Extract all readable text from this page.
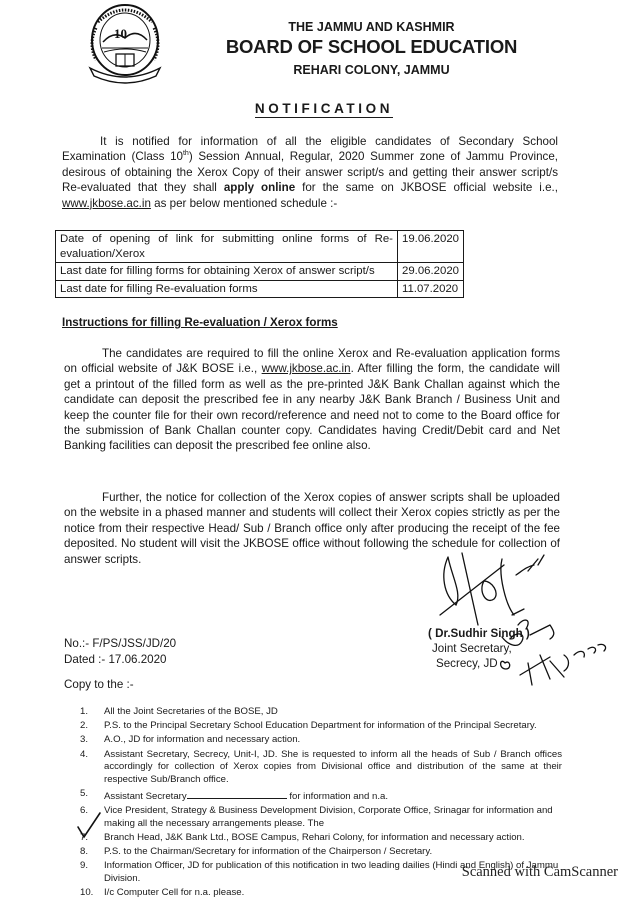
10	THE JAMMU AND KASHMIR
BOARD OF SCHOOL EDUCATION
REHARI COLONY, JAMMU
NOTIFICATION
It is notified for information of all the eligible candidates of Secondary School Examination (Class 10th) Session Annual, Regular, 2020 Summer zone of Jammu Province, desirous of obtaining the Xerox Copy of their answer script/s and getting their answer script/s Re-evaluated that they shall apply online for the same on JKBOSE official website i.e., www.jkbose.ac.in as per below mentioned schedule :-
Date of opening of link for submitting online forms of Re-evaluation/Xerox	19.06.2020
Last date for filling forms for obtaining Xerox of answer script/s	29.06.2020
Last date for filling Re-evaluation forms	11.07.2020
Instructions for filling Re-evaluation / Xerox forms
The candidates are required to fill the online Xerox and Re-evaluation application forms on official website of J&K BOSE i.e., www.jkbose.ac.in. After filling the form, the candidate will get a printout of the filled form as well as the pre-printed J&K Bank Challan against which the candidate can deposit the prescribed fee in any nearby J&K Bank Branch / Business Unit and keep the counter file for their own record/reference and need not to come to the Board office for the submission of Bank Challan counter copy. Candidates having Credit/Debit card and Net Banking facilities can deposit the prescribed fee online also.
Further, the notice for collection of the Xerox copies of answer scripts shall be uploaded on the website in a phased manner and students will collect their Xerox copies strictly as per the notice from their respective Head/ Sub / Branch office only after producing the receipt of the fee deposited. No student will visit the JKBOSE office without following the schedule for collection of answer scripts.
No.:- F/PS/JSS/JD/20
Dated :- 17.06.2020
( Dr.Sudhir Singh )
Joint Secretary,
Secrecy, JD
Copy to the :-
1. All the Joint Secretaries of the BOSE, JD
2. P.S. to the Principal Secretary School Education Department for information of the Principal Secretary.
3. A.O., JD for information and necessary action.
4. Assistant Secretary, Secrecy, Unit-I, JD. She is requested to inform all the heads of Sub / Branch offices accordingly for collection of Xerox copies from Divisional office and distribution of the same at their respective Sub/Branch office.
5. Assistant Secretary	for information and n.a.
6. Vice President, Strategy & Business Development Division, Corporate Office, Srinagar for information and making all the necessary arrangements please. The
7. Branch Head, J&K Bank Ltd., BOSE Campus, Rehari Colony, for information and necessary action.
8. P.S. to the Chairman/Secretary for information of the Chairperson / Secretary.
9. Information Officer, JD for publication of this notification in two leading dailies (Hindi and English) of Jammu Division.
10. I/c Computer Cell for n.a. please.
Scanned with CamScanner
